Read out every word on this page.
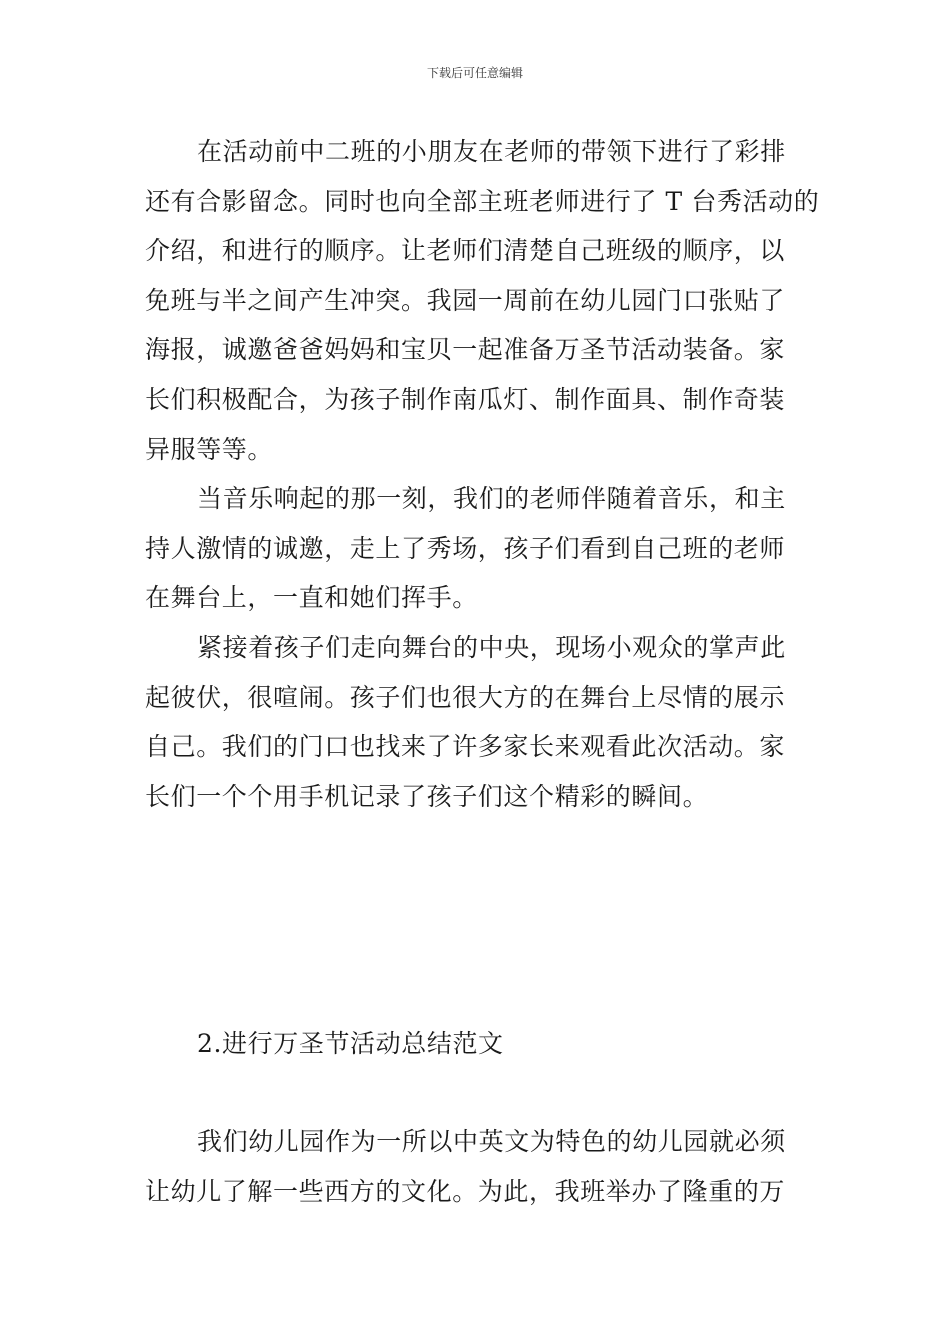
下载后可任意编辑

在活动前中二班的小朋友在老师的带领下进行了彩排
还有合影留念。同时也向全部主班老师进行了 T 台秀活动的
介绍，和进行的顺序。让老师们清楚自己班级的顺序，以
免班与半之间产生冲突。我园一周前在幼儿园门口张贴了
海报，诚邀爸爸妈妈和宝贝一起准备万圣节活动装备。家
长们积极配合，为孩子制作南瓜灯、制作面具、制作奇装
异服等等。

当音乐响起的那一刻，我们的老师伴随着音乐，和主
持人激情的诚邀，走上了秀场，孩子们看到自己班的老师
在舞台上，一直和她们挥手。

紧接着孩子们走向舞台的中央，现场小观众的掌声此
起彼伏，很喧闹。孩子们也很大方的在舞台上尽情的展示
自己。我们的门口也找来了许多家长来观看此次活动。家
长们一个个用手机记录了孩子们这个精彩的瞬间。

2.进行万圣节活动总结范文

我们幼儿园作为一所以中英文为特色的幼儿园就必须
让幼儿了解一些西方的文化。为此，我班举办了隆重的万
